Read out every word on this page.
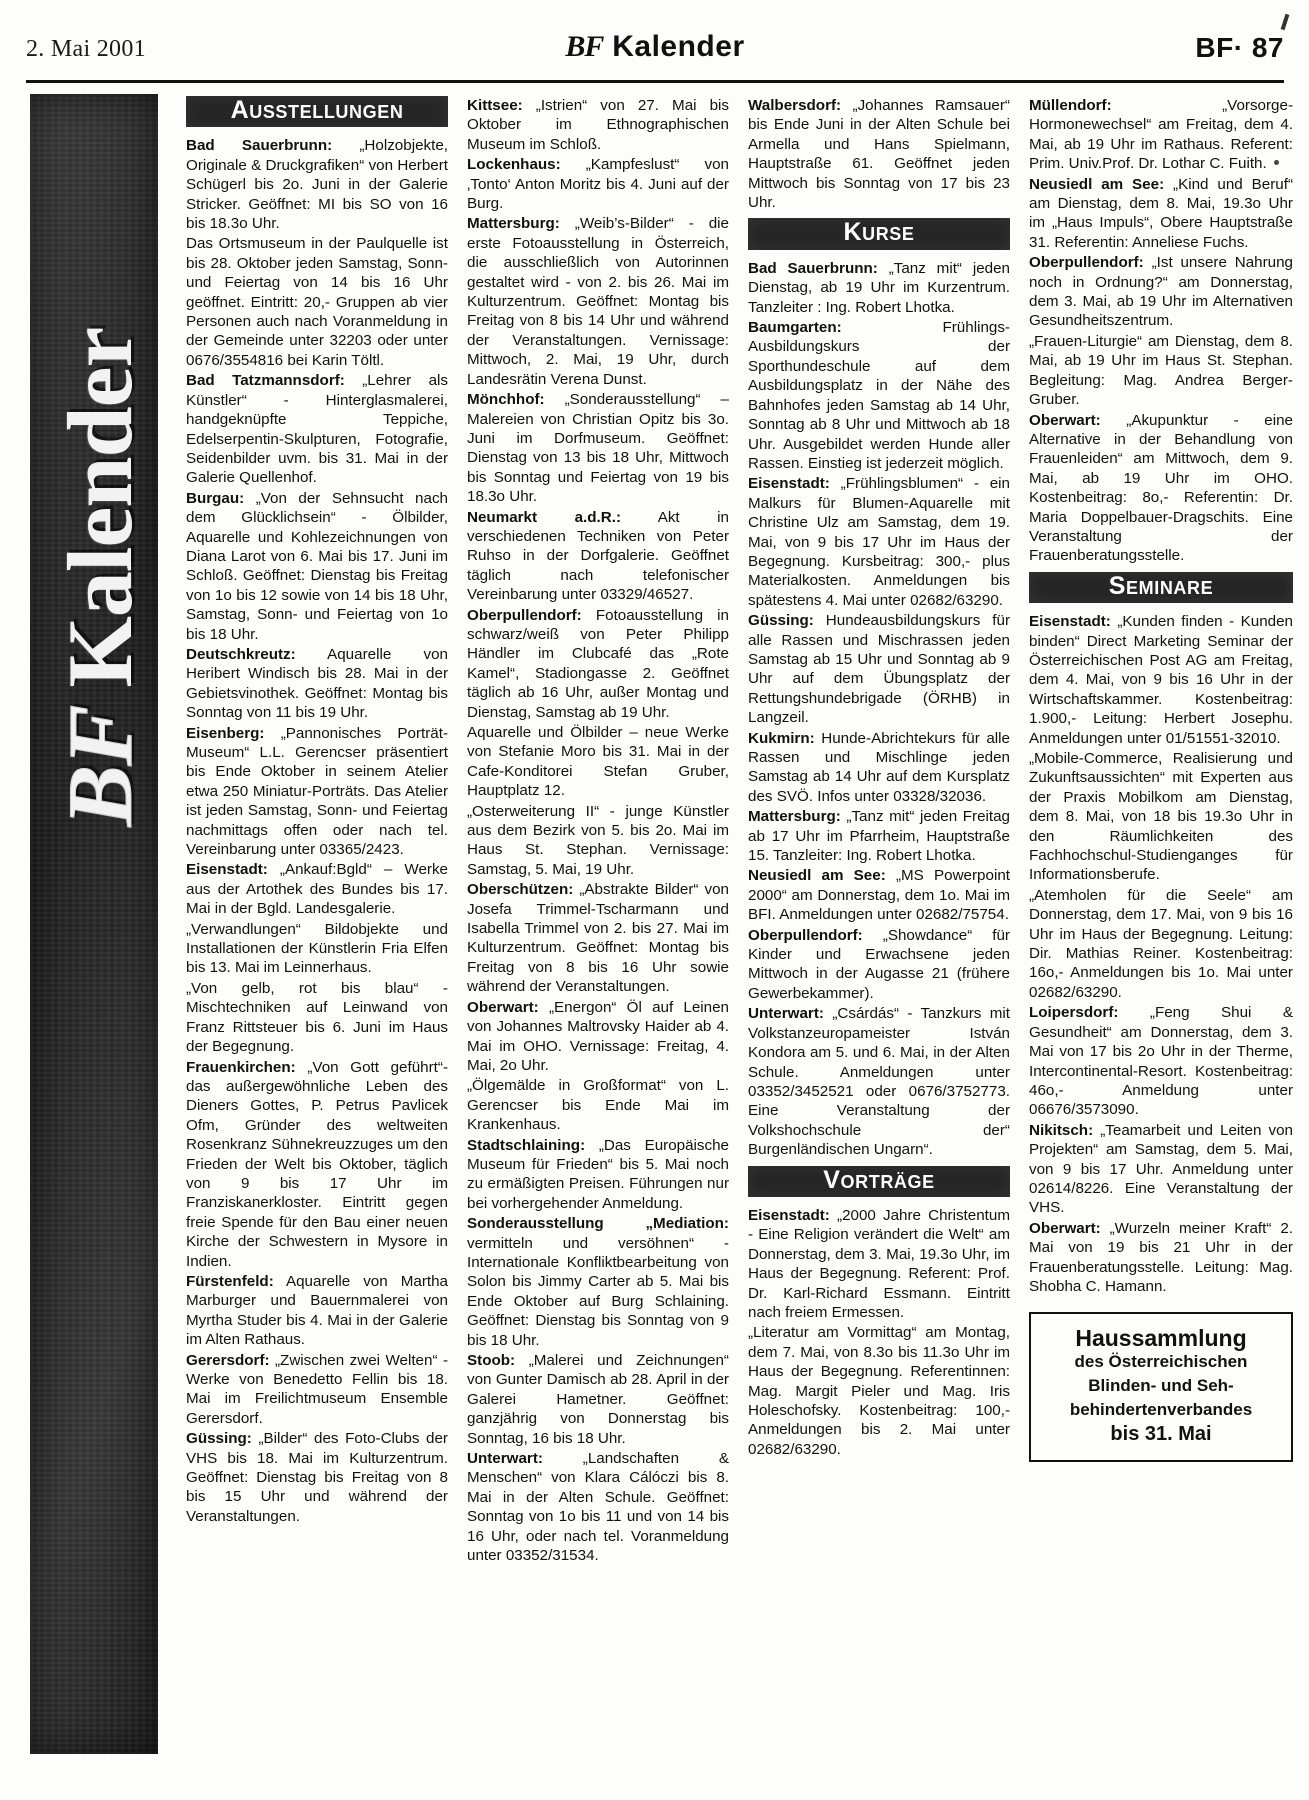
2. Mai 2001	BF Kalender	BF· 87
BFKalender
Ausstellungen

Bad Sauerbrunn: „Holzobjekte, Originale & Druckgrafiken“ von Herbert Schügerl bis 2o. Juni in der Galerie Stricker. Geöffnet: MI bis SO von 16 bis 18.3o Uhr.

Das Ortsmuseum in der Paulquelle ist bis 28. Oktober jeden Samstag, Sonn- und Feiertag von 14 bis 16 Uhr geöffnet. Eintritt: 20,- Gruppen ab vier Personen auch nach Voranmeldung in der Gemeinde unter 32203 oder unter 0676/3554816 bei Karin Töltl.

Bad Tatzmannsdorf: „Lehrer als Künstler“ - Hinterglasmalerei, handgeknüpfte Teppiche, Edelserpentin-Skulpturen, Fotografie, Seidenbilder uvm. bis 31. Mai in der Galerie Quellenhof.

Burgau: „Von der Sehnsucht nach dem Glücklichsein“ - Ölbilder, Aquarelle und Kohlezeichnungen von Diana Larot von 6. Mai bis 17. Juni im Schloß. Geöffnet: Dienstag bis Freitag von 1o bis 12 sowie von 14 bis 18 Uhr, Samstag, Sonn- und Feiertag von 1o bis 18 Uhr.

Deutschkreutz: Aquarelle von Heribert Windisch bis 28. Mai in der Gebietsvinothek. Geöffnet: Montag bis Sonntag von 11 bis 19 Uhr.

Eisenberg: „Pannonisches Porträt-Museum“ L.L. Gerencser präsentiert bis Ende Oktober in seinem Atelier etwa 250 Miniatur-Porträts. Das Atelier ist jeden Samstag, Sonn- und Feiertag nachmittags offen oder nach tel. Vereinbarung unter 03365/2423.

Eisenstadt: „Ankauf:Bgld“ – Werke aus der Artothek des Bundes bis 17. Mai in der Bgld. Landesgalerie.

„Verwandlungen“ Bildobjekte und Installationen der Künstlerin Fria Elfen bis 13. Mai im Leinnerhaus.

„Von gelb, rot bis blau“ - Mischtechniken auf Leinwand von Franz Rittsteuer bis 6. Juni im Haus der Begegnung.

Frauenkirchen: „Von Gott geführt“- das außergewöhnliche Leben des Dieners Gottes, P. Petrus Pavlicek Ofm, Gründer des weltweiten Rosenkranz Sühnekreuzzuges um den Frieden der Welt bis Oktober, täglich von 9 bis 17 Uhr im Franziskanerkloster. Eintritt gegen freie Spende für den Bau einer neuen Kirche der Schwestern in Mysore in Indien.

Fürstenfeld: Aquarelle von Martha Marburger und Bauernmalerei von Myrtha Studer bis 4. Mai in der Galerie im Alten Rathaus.

Gerersdorf: „Zwischen zwei Welten“ - Werke von Benedetto Fellin bis 18. Mai im Freilichtmuseum Ensemble Gerersdorf.

Güssing: „Bilder“ des Foto-Clubs der VHS bis 18. Mai im Kulturzentrum. Geöffnet: Dienstag bis Freitag von 8 bis 15 Uhr und während der Veranstaltungen.

Kittsee: „Istrien“ von 27. Mai bis Oktober im Ethnographischen Museum im Schloß.

Lockenhaus: „Kampfeslust“ von ‚Tonto‘ Anton Moritz bis 4. Juni auf der Burg.

Mattersburg: „Weib’s-Bilder“ - die erste Fotoausstellung in Österreich, die ausschließlich von Autorinnen gestaltet wird - von 2. bis 26. Mai im Kulturzentrum. Geöffnet: Montag bis Freitag von 8 bis 14 Uhr und während der Veranstaltungen. Vernissage: Mittwoch, 2. Mai, 19 Uhr, durch Landesrätin Verena Dunst.

Mönchhof: „Sonderausstellung“ – Malereien von Christian Opitz bis 3o. Juni im Dorfmuseum. Geöffnet: Dienstag von 13 bis 18 Uhr, Mittwoch bis Sonntag und Feiertag von 19 bis 18.3o Uhr.

Neumarkt a.d.R.: Akt in verschiedenen Techniken von Peter Ruhso in der Dorfgalerie. Geöffnet täglich nach telefonischer Vereinbarung unter 03329/46527.

Oberpullendorf: Fotoausstellung in schwarz/weiß von Peter Philipp Händler im Clubcafé das „Rote Kamel“, Stadiongasse 2. Geöffnet täglich ab 16 Uhr, außer Montag und Dienstag, Samstag ab 19 Uhr.

Aquarelle und Ölbilder – neue Werke von Stefanie Moro bis 31. Mai in der Cafe-Konditorei Stefan Gruber, Hauptplatz 12.

„Osterweiterung II“ - junge Künstler aus dem Bezirk von 5. bis 2o. Mai im Haus St. Stephan. Vernissage: Samstag, 5. Mai, 19 Uhr.

Oberschützen: „Abstrakte Bilder“ von Josefa Trimmel-Tscharmann und Isabella Trimmel von 2. bis 27. Mai im Kulturzentrum. Geöffnet: Montag bis Freitag von 8 bis 16 Uhr sowie während der Veranstaltungen.

Oberwart: „Energon“ Öl auf Leinen von Johannes Maltrovsky Haider ab 4. Mai im OHO. Vernissage: Freitag, 4. Mai, 2o Uhr.

„Ölgemälde in Großformat“ von L. Gerencser bis Ende Mai im Krankenhaus.

Stadtschlaining: „Das Europäische Museum für Frieden“ bis 5. Mai noch zu ermäßigten Preisen. Führungen nur bei vorhergehender Anmeldung.

Sonderausstellung „Mediation: vermitteln und versöhnen“ - Internationale Konfliktbearbeitung von Solon bis Jimmy Carter ab 5. Mai bis Ende Oktober auf Burg Schlaining. Geöffnet: Dienstag bis Sonntag von 9 bis 18 Uhr.

Stoob: „Malerei und Zeichnungen“ von Gunter Damisch ab 28. April in der Galerei Hametner. Geöffnet: ganzjährig von Donnerstag bis Sonntag, 16 bis 18 Uhr.

Unterwart: „Landschaften & Menschen“ von Klara Cálóczi bis 8. Mai in der Alten Schule. Geöffnet: Sonntag von 1o bis 11 und von 14 bis 16 Uhr, oder nach tel. Voranmeldung unter 03352/31534.

Walbersdorf: „Johannes Ramsauer“ bis Ende Juni in der Alten Schule bei Armella und Hans Spielmann, Hauptstraße 61. Geöffnet jeden Mittwoch bis Sonntag von 17 bis 23 Uhr.

Kurse

Bad Sauerbrunn: „Tanz mit“ jeden Dienstag, ab 19 Uhr im Kurzentrum. Tanzleiter : Ing. Robert Lhotka.

Baumgarten: Frühlings-Ausbildungskurs der Sporthundeschule auf dem Ausbildungsplatz in der Nähe des Bahnhofes jeden Samstag ab 14 Uhr, Sonntag ab 8 Uhr und Mittwoch ab 18 Uhr. Ausgebildet werden Hunde aller Rassen. Einstieg ist jederzeit möglich.

Eisenstadt: „Frühlingsblumen“ - ein Malkurs für Blumen-Aquarelle mit Christine Ulz am Samstag, dem 19. Mai, von 9 bis 17 Uhr im Haus der Begegnung. Kursbeitrag: 300,- plus Materialkosten. Anmeldungen bis spätestens 4. Mai unter 02682/63290.

Güssing: Hundeausbildungskurs für alle Rassen und Mischrassen jeden Samstag ab 15 Uhr und Sonntag ab 9 Uhr auf dem Übungsplatz der Rettungshundebrigade (ÖRHB) in Langzeil.

Kukmirn: Hunde-Abrichtekurs für alle Rassen und Mischlinge jeden Samstag ab 14 Uhr auf dem Kursplatz des SVÖ. Infos unter 03328/32036.

Mattersburg: „Tanz mit“ jeden Freitag ab 17 Uhr im Pfarrheim, Hauptstraße 15. Tanzleiter: Ing. Robert Lhotka.

Neusiedl am See: „MS Powerpoint 2000“ am Donnerstag, dem 1o. Mai im BFI. Anmeldungen unter 02682/75754.

Oberpullendorf: „Showdance“ für Kinder und Erwachsene jeden Mittwoch in der Augasse 21 (frühere Gewerbekammer).

Unterwart: „Csárdás“ - Tanzkurs mit Volkstanzeuropameister István Kondora am 5. und 6. Mai, in der Alten Schule. Anmeldungen unter 03352/3452521 oder 0676/3752773. Eine Veranstaltung der Volkshochschule der“ Burgenländischen Ungarn“.

Vorträge

Eisenstadt: „2000 Jahre Christentum - Eine Religion verändert die Welt“ am Donnerstag, dem 3. Mai, 19.3o Uhr, im Haus der Begegnung. Referent: Prof. Dr. Karl-Richard Essmann. Eintritt nach freiem Ermessen.

„Literatur am Vormittag“ am Montag, dem 7. Mai, von 8.3o bis 11.3o Uhr im Haus der Begegnung. Referentinnen: Mag. Margit Pieler und Mag. Iris Holeschofsky. Kostenbeitrag: 100,- Anmeldungen bis 2. Mai unter 02682/63290.

Müllendorf: „Vorsorge-Hormonewechsel“ am Freitag, dem 4. Mai, ab 19 Uhr im Rathaus. Referent: Prim. Univ.Prof. Dr. Lothar C. Fuith.

Neusiedl am See: „Kind und Beruf“ am Dienstag, dem 8. Mai, 19.3o Uhr im „Haus Impuls“, Obere Hauptstraße 31. Referentin: Anneliese Fuchs.

Oberpullendorf: „Ist unsere Nahrung noch in Ordnung?“ am Donnerstag, dem 3. Mai, ab 19 Uhr im Alternativen Gesundheitszentrum.

„Frauen-Liturgie“ am Dienstag, dem 8. Mai, ab 19 Uhr im Haus St. Stephan. Begleitung: Mag. Andrea Berger-Gruber.

Oberwart: „Akupunktur - eine Alternative in der Behandlung von Frauenleiden“ am Mittwoch, dem 9. Mai, ab 19 Uhr im OHO. Kostenbeitrag: 8o,- Referentin: Dr. Maria Doppelbauer-Dragschits. Eine Veranstaltung der Frauenberatungsstelle.

Seminare

Eisenstadt: „Kunden finden - Kunden binden“ Direct Marketing Seminar der Österreichischen Post AG am Freitag, dem 4. Mai, von 9 bis 16 Uhr in der Wirtschaftskammer. Kostenbeitrag: 1.900,- Leitung: Herbert Josephu. Anmeldungen unter 01/51551-32010.

„Mobile-Commerce, Realisierung und Zukunftsaussichten“ mit Experten aus der Praxis Mobilkom am Dienstag, dem 8. Mai, von 18 bis 19.3o Uhr in den Räumlichkeiten des Fachhochschul-Studienganges für Informationsberufe.

„Atemholen für die Seele“ am Donnerstag, dem 17. Mai, von 9 bis 16 Uhr im Haus der Begegnung. Leitung: Dir. Mathias Reiner. Kostenbeitrag: 16o,- Anmeldungen bis 1o. Mai unter 02682/63290.

Loipersdorf: „Feng Shui & Gesundheit“ am Donnerstag, dem 3. Mai von 17 bis 2o Uhr in der Therme, Intercontinental-Resort. Kostenbeitrag: 46o,- Anmeldung unter 06676/3573090.

Nikitsch: „Teamarbeit und Leiten von Projekten“ am Samstag, dem 5. Mai, von 9 bis 17 Uhr. Anmeldung unter 02614/8226. Eine Veranstaltung der VHS.

Oberwart: „Wurzeln meiner Kraft“ 2. Mai von 19 bis 21 Uhr in der Frauenberatungsstelle. Leitung: Mag. Shobha C. Hamann.

Haussammlung
des Österreichischen
Blinden- und Seh-
behindertenverbandes
bis 31. Mai
